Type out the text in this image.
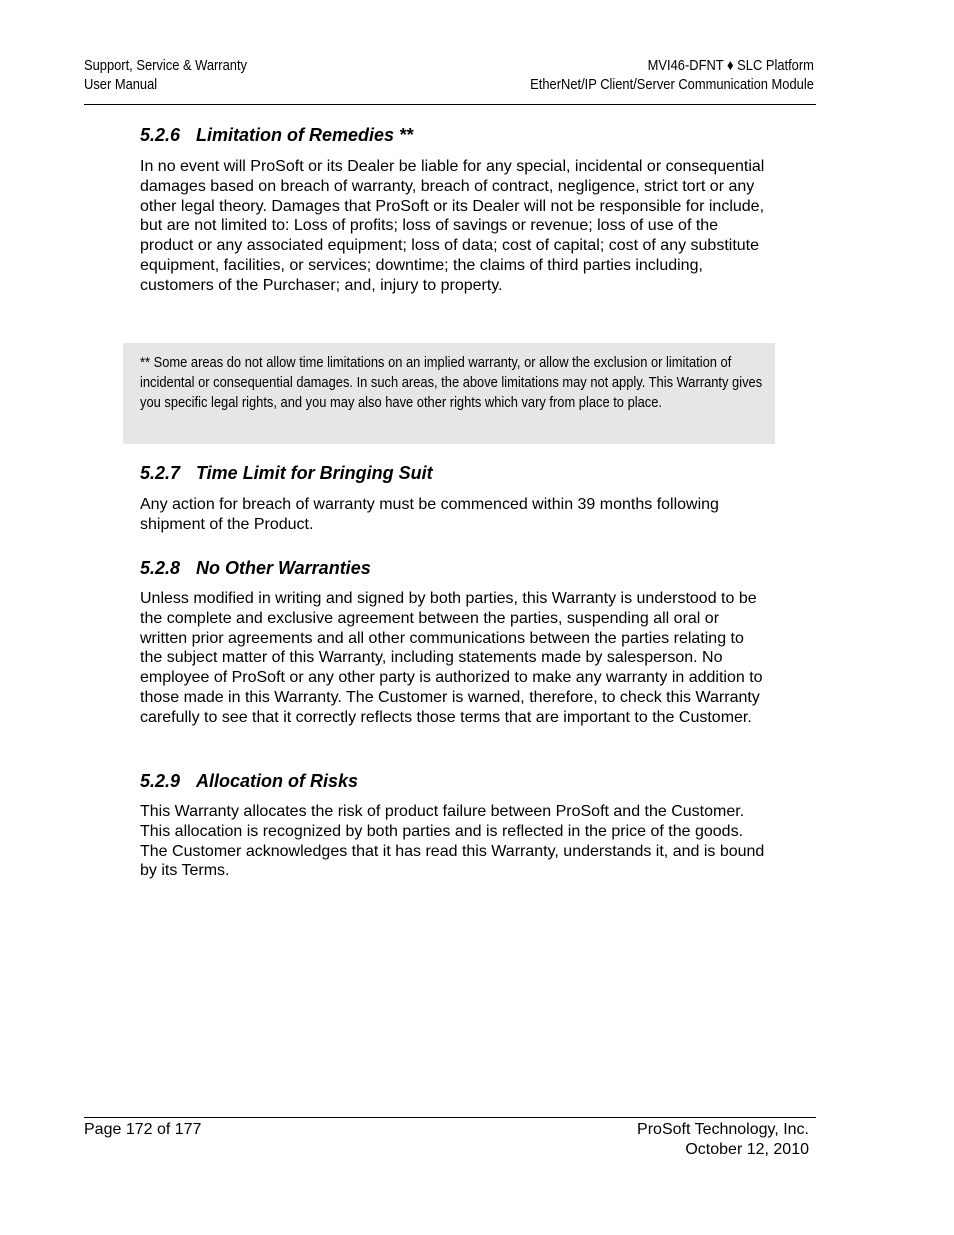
Support, Service & Warranty
User Manual
MVI46-DFNT ♦ SLC Platform
EtherNet/IP Client/Server Communication Module
5.2.6 Limitation of Remedies **

In no event will ProSoft or its Dealer be liable for any special, incidental or consequential damages based on breach of warranty, breach of contract, negligence, strict tort or any other legal theory. Damages that ProSoft or its Dealer will not be responsible for include, but are not limited to: Loss of profits; loss of savings or revenue; loss of use of the product or any associated equipment; loss of data; cost of capital; cost of any substitute equipment, facilities, or services; downtime; the claims of third parties including, customers of the Purchaser; and, injury to property.

** Some areas do not allow time limitations on an implied warranty, or allow the exclusion or limitation of incidental or consequential damages. In such areas, the above limitations may not apply. This Warranty gives you specific legal rights, and you may also have other rights which vary from place to place.
5.2.7 Time Limit for Bringing Suit

Any action for breach of warranty must be commenced within 39 months following shipment of the Product.

5.2.8 No Other Warranties

Unless modified in writing and signed by both parties, this Warranty is understood to be the complete and exclusive agreement between the parties, suspending all oral or written prior agreements and all other communications between the parties relating to the subject matter of this Warranty, including statements made by salesperson. No employee of ProSoft or any other party is authorized to make any warranty in addition to those made in this Warranty. The Customer is warned, therefore, to check this Warranty carefully to see that it correctly reflects those terms that are important to the Customer.

5.2.9 Allocation of Risks

This Warranty allocates the risk of product failure between ProSoft and the Customer. This allocation is recognized by both parties and is reflected in the price of the goods. The Customer acknowledges that it has read this Warranty, understands it, and is bound by its Terms.

Page 172 of 177	ProSoft Technology, Inc.
October 12, 2010
